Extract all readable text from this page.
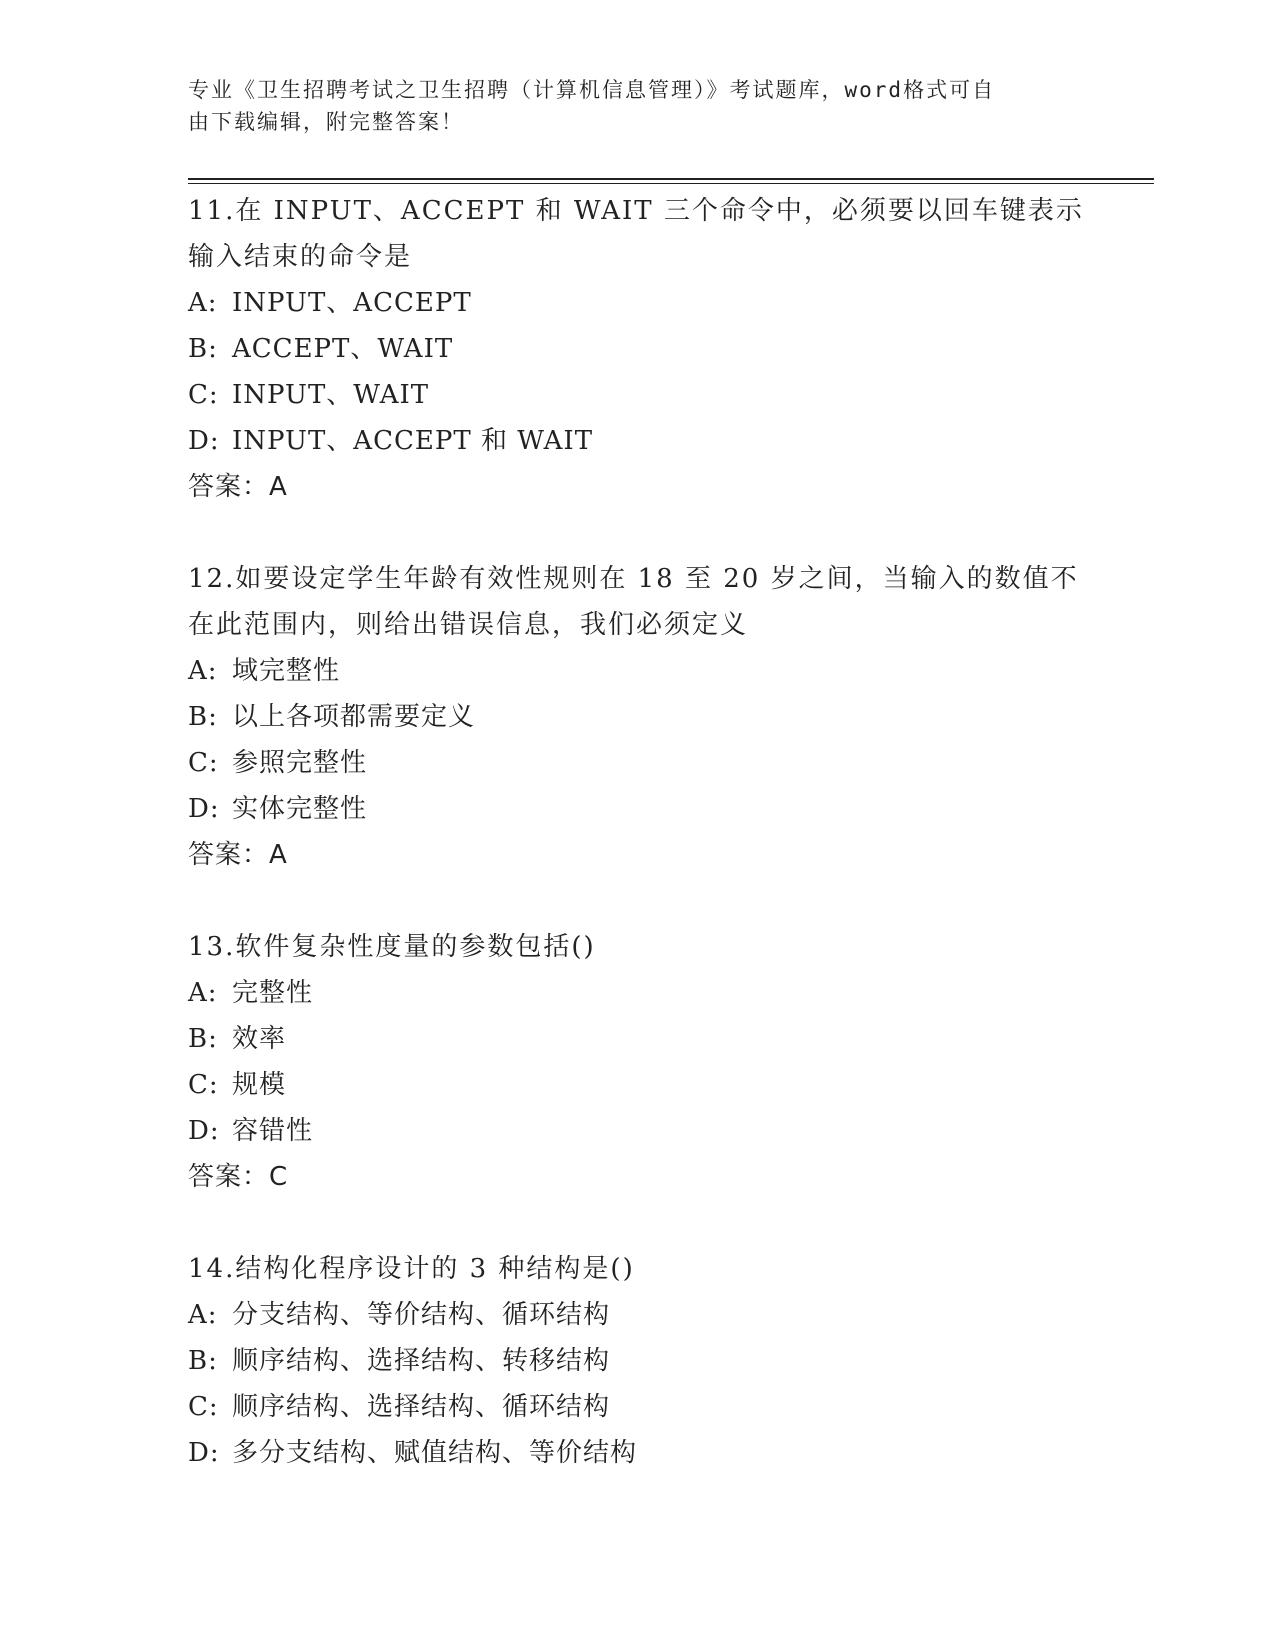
专业《卫生招聘考试之卫生招聘（计算机信息管理）》考试题库，word格式可自
由下载编辑，附完整答案！
11.在 INPUT、ACCEPT 和 WAIT 三个命令中，必须要以回车键表示输入结束的命令是
A: INPUT、ACCEPT
B: ACCEPT、WAIT
C: INPUT、WAIT
D: INPUT、ACCEPT 和 WAIT
答案：A
12.如要设定学生年龄有效性规则在 18 至 20 岁之间，当输入的数值不在此范围内，则给出错误信息，我们必须定义
A: 域完整性
B: 以上各项都需要定义
C: 参照完整性
D: 实体完整性
答案：A
13.软件复杂性度量的参数包括()
A: 完整性
B: 效率
C: 规模
D: 容错性
答案：C
14.结构化程序设计的 3 种结构是()
A: 分支结构、等价结构、循环结构
B: 顺序结构、选择结构、转移结构
C: 顺序结构、选择结构、循环结构
D: 多分支结构、赋值结构、等价结构
